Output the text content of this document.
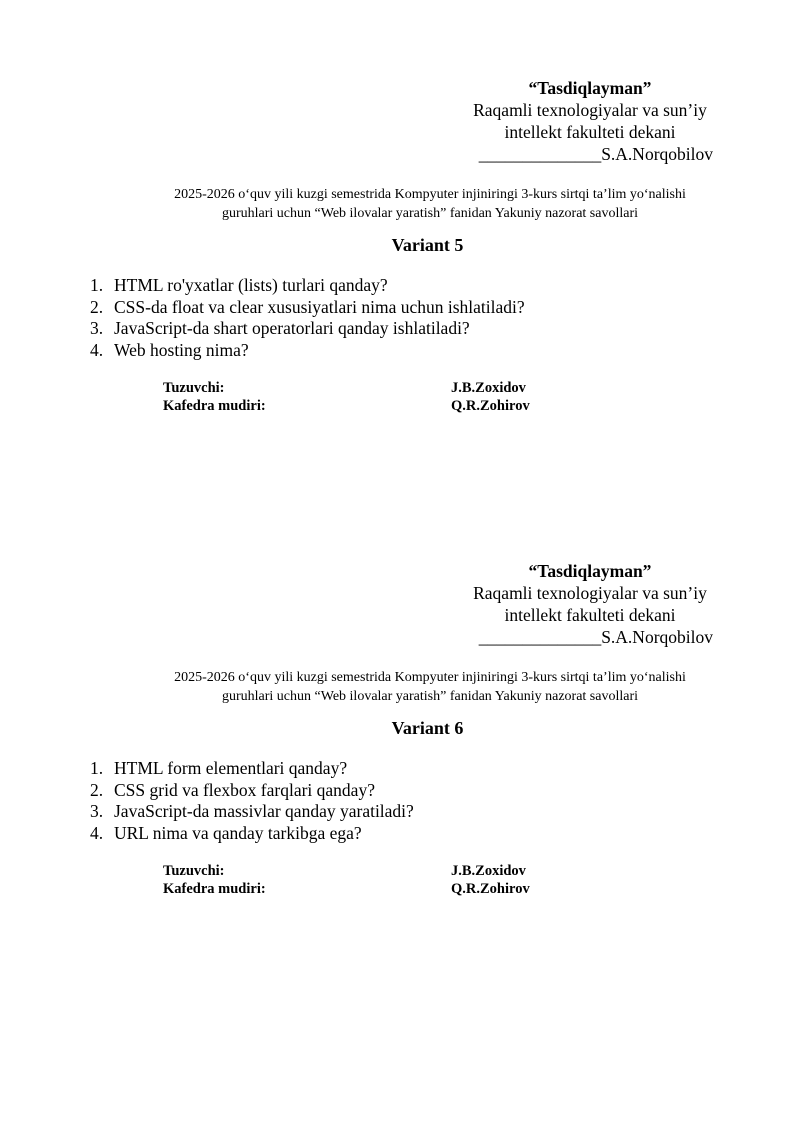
“Tasdiqlayman”
Raqamli texnologiyalar va sun’iy
intellekt fakulteti dekani
______________S.A.Norqobilov
2025-2026 o‘quv yili kuzgi semestrida Kompyuter injiniringi 3-kurs sirtqi ta’lim yo‘nalishi
guruhlari uchun “Web ilovalar yaratish” fanidan Yakuniy nazorat savollari
Variant 5
1. HTML ro'yxatlar (lists) turlari qanday?
2. CSS-da float va clear xususiyatlari nima uchun ishlatiladi?
3. JavaScript-da shart operatorlari qanday ishlatiladi?
4. Web hosting nima?
Tuzuvchi:	J.B.Zoxidov
Kafedra mudiri:	Q.R.Zohirov
“Tasdiqlayman”
Raqamli texnologiyalar va sun’iy
intellekt fakulteti dekani
______________S.A.Norqobilov
2025-2026 o‘quv yili kuzgi semestrida Kompyuter injiniringi 3-kurs sirtqi ta’lim yo‘nalishi
guruhlari uchun “Web ilovalar yaratish” fanidan Yakuniy nazorat savollari
Variant 6
1. HTML form elementlari qanday?
2. CSS grid va flexbox farqlari qanday?
3. JavaScript-da massivlar qanday yaratiladi?
4. URL nima va qanday tarkibga ega?
Tuzuvchi:	J.B.Zoxidov
Kafedra mudiri:	Q.R.Zohirov
